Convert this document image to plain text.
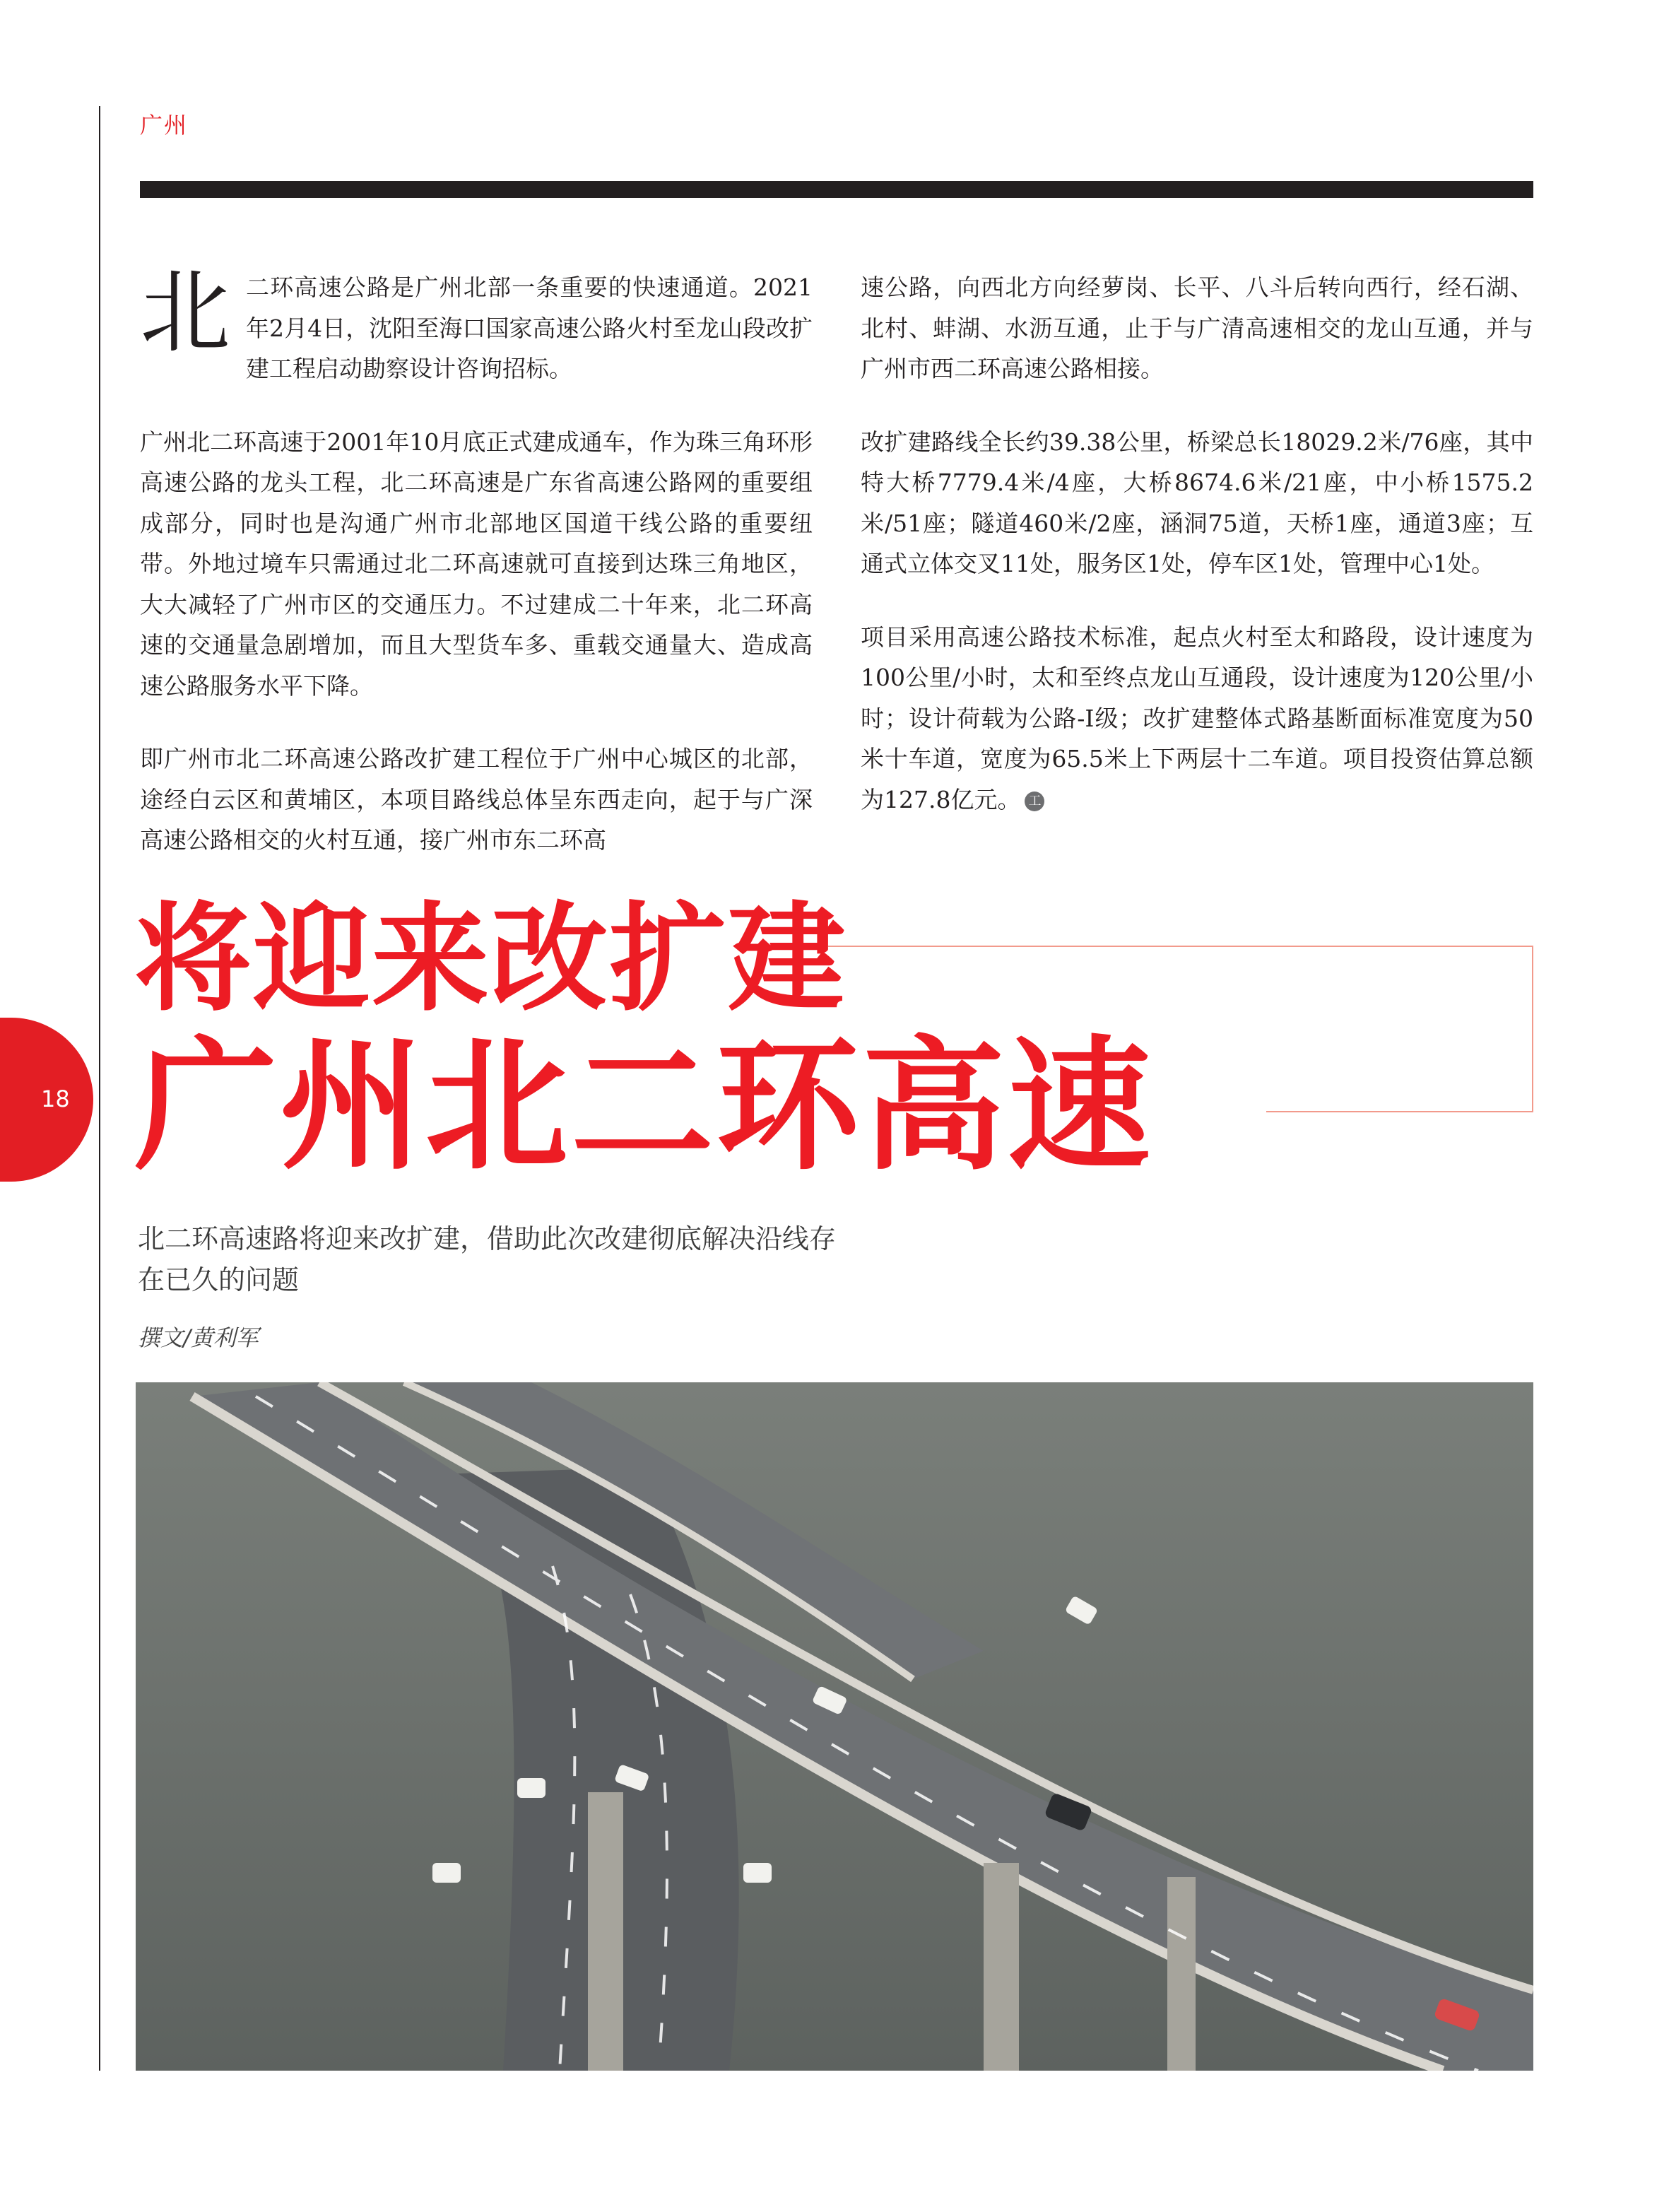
广州

北二环高速公路是广州北部一条重要的快速通道。2021年2月4日，沈阳至海口国家高速公路火村至龙山段改扩建工程启动勘察设计咨询招标。

广州北二环高速于2001年10月底正式建成通车，作为珠三角环形高速公路的龙头工程，北二环高速是广东省高速公路网的重要组成部分，同时也是沟通广州市北部地区国道干线公路的重要纽带。外地过境车只需通过北二环高速就可直接到达珠三角地区，大大减轻了广州市区的交通压力。不过建成二十年来，北二环高速的交通量急剧增加，而且大型货车多、重载交通量大、造成高速公路服务水平下降。

即广州市北二环高速公路改扩建工程位于广州中心城区的北部，途经白云区和黄埔区，本项目路线总体呈东西走向，起于与广深高速公路相交的火村互通，接广州市东二环高

速公路，向西北方向经萝岗、长平、八斗后转向西行，经石湖、北村、蚌湖、水沥互通，止于与广清高速相交的龙山互通，并与广州市西二环高速公路相接。

改扩建路线全长约39.38公里，桥梁总长18029.2米/76座，其中特大桥7779.4米/4座，大桥8674.6米/21座，中小桥1575.2米/51座；隧道460米/2座，涵洞75道，天桥1座，通道3座；互通式立体交叉11处，服务区1处，停车区1处，管理中心1处。

项目采用高速公路技术标准，起点火村至太和路段，设计速度为100公里/小时，太和至终点龙山互通段，设计速度为120公里/小时；设计荷载为公路-I级；改扩建整体式路基断面标准宽度为50米十车道，宽度为65.5米上下两层十二车道。项目投资估算总额为127.8亿元。 工

将迎来改扩建
广州北二环高速
18
北二环高速路将迎来改扩建，借助此次改建彻底解决沿线存在已久的问题
撰文/黄利军
